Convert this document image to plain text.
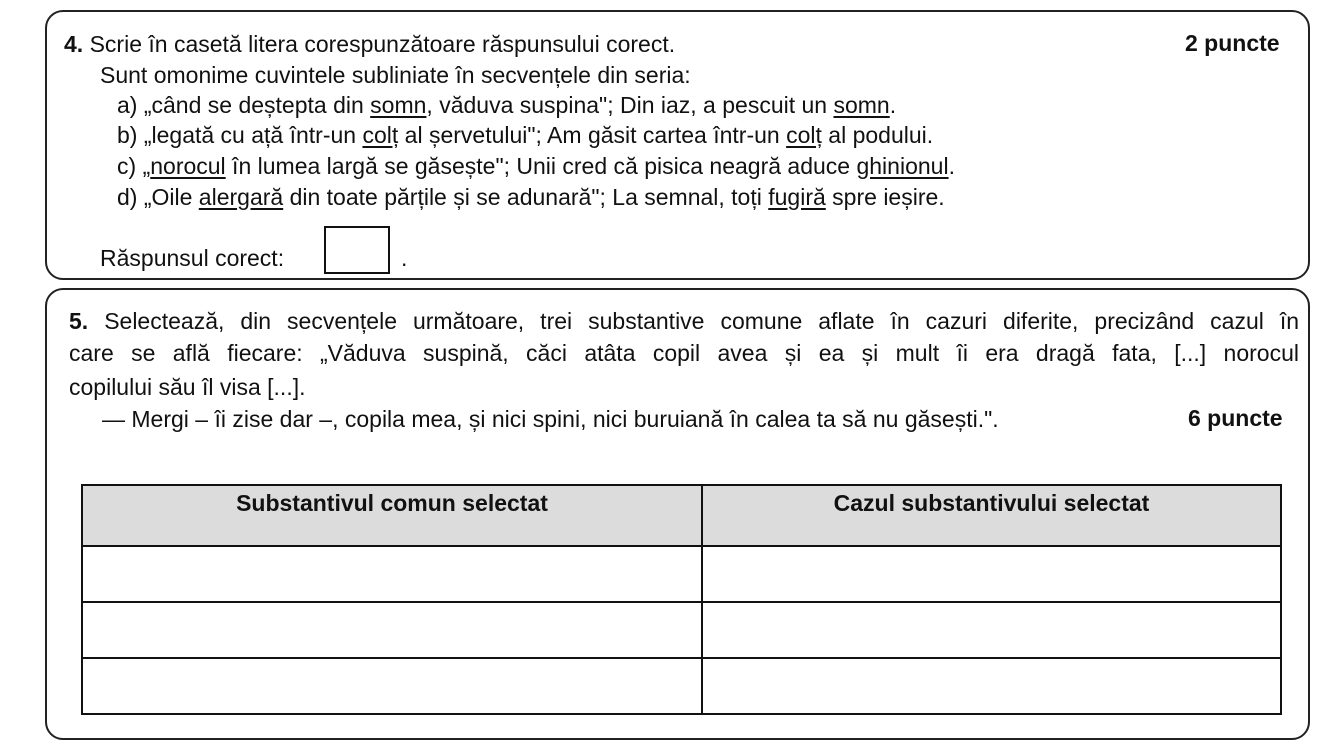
4. Scrie în casetă litera corespunzătoare răspunsului corect.	2 puncte
Sunt omonime cuvintele subliniate în secvențele din seria:
a) „când se deștepta din somn, văduva suspina"; Din iaz, a pescuit un somn.
b) „legată cu ață într-un colț al șervetului"; Am găsit cartea într-un colț al podului.
c) „norocul în lumea largă se găsește"; Unii cred că pisica neagră aduce ghinionul.
d) „Oile alergară din toate părțile și se adunară"; La semnal, toți fugiră spre ieșire.
Răspunsul corect:	.
5. Selectează, din secvențele următoare, trei substantive comune aflate în cazuri diferite, precizând cazul în
care se află fiecare: „Văduva suspină, căci atâta copil avea și ea și mult îi era dragă fata, [...] norocul
copilului său îl visa [...].
— Mergi – îi zise dar –, copila mea, și nici spini, nici buruiană în calea ta să nu găsești.".	6 puncte
Substantivul comun selectat	Cazul substantivului selectat
